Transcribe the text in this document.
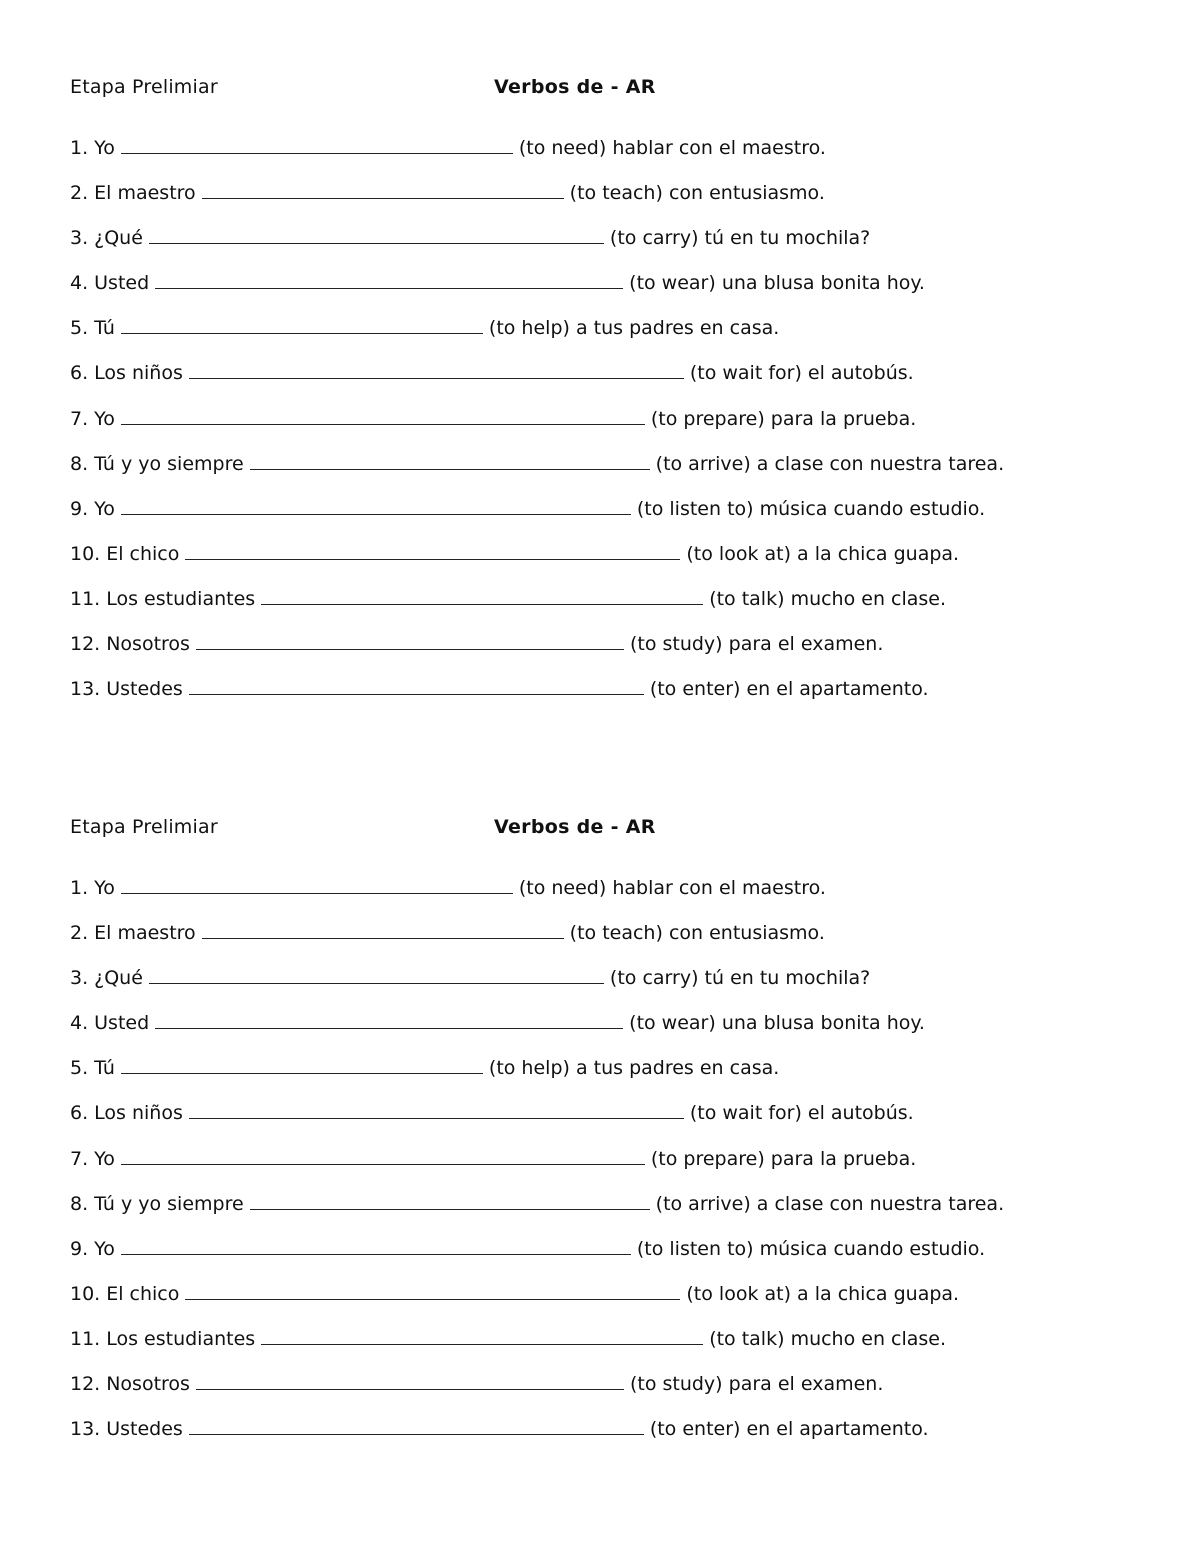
Etapa Prelimiar	Verbos de - AR
1. Yo	(to need) hablar con el maestro.
2. El maestro	(to teach) con entusiasmo.
3. ¿Qué	(to carry) tú en tu mochila?
4. Usted	(to wear) una blusa bonita hoy.
5. Tú	(to help) a tus padres en casa.
6. Los niños	(to wait for) el autobús.
7. Yo	(to prepare) para la prueba.
8. Tú y yo siempre	(to arrive) a clase con nuestra tarea.
9. Yo	(to listen to) música cuando estudio.
10. El chico	(to look at) a la chica guapa.
11. Los estudiantes	(to talk) mucho en clase.
12. Nosotros	(to study) para el examen.
13. Ustedes	(to enter) en el apartamento.
Etapa Prelimiar	Verbos de - AR
1. Yo	(to need) hablar con el maestro.
2. El maestro	(to teach) con entusiasmo.
3. ¿Qué	(to carry) tú en tu mochila?
4. Usted	(to wear) una blusa bonita hoy.
5. Tú	(to help) a tus padres en casa.
6. Los niños	(to wait for) el autobús.
7. Yo	(to prepare) para la prueba.
8. Tú y yo siempre	(to arrive) a clase con nuestra tarea.
9. Yo	(to listen to) música cuando estudio.
10. El chico	(to look at) a la chica guapa.
11. Los estudiantes	(to talk) mucho en clase.
12. Nosotros	(to study) para el examen.
13. Ustedes	(to enter) en el apartamento.
